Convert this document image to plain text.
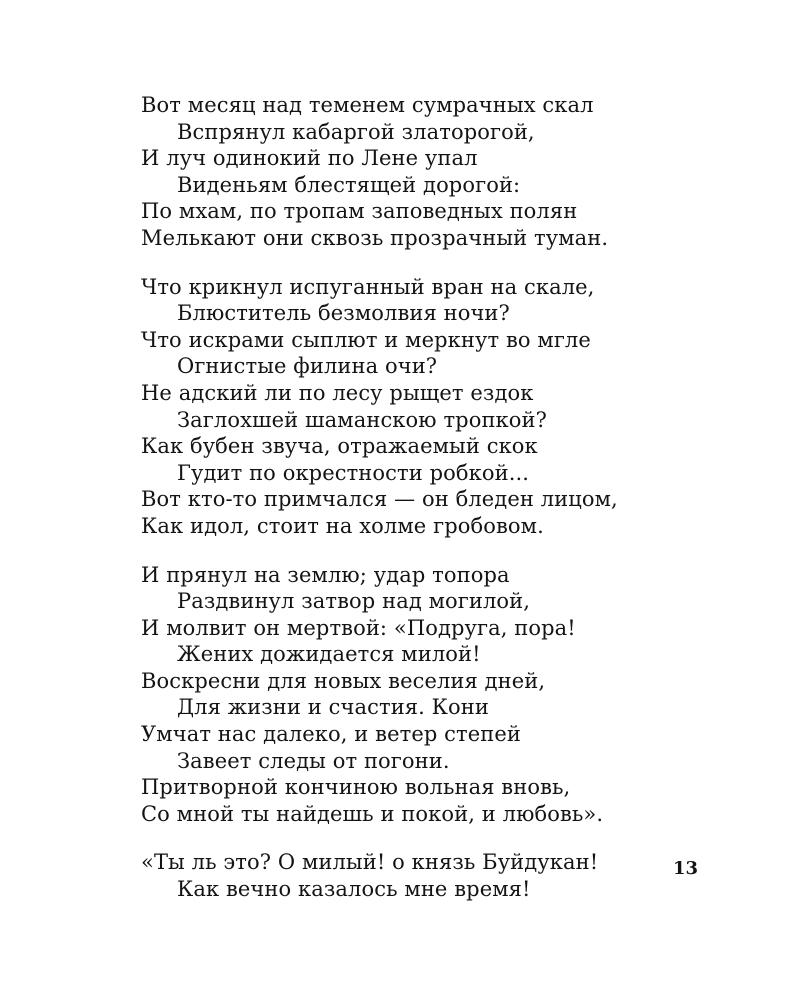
Вот месяц над теменем сумрачных скал
Вспрянул кабаргой златорогой,
И луч одинокий по Лене упал
Виденьям блестящей дорогой:
По мхам, по тропам заповедных полян
Мелькают они сквозь прозрачный туман.
Что крикнул испуганный вран на скале,
Блюститель безмолвия ночи?
Что искрами сыплют и меркнут во мгле
Огнистые филина очи?
Не адский ли по лесу рыщет ездок
Заглохшей шаманскою тропкой?
Как бубен звуча, отражаемый скок
Гудит по окрестности робкой...
Вот кто-то примчался — он бледен лицом,
Как идол, стоит на холме гробовом.
И прянул на землю; удар топора
Раздвинул затвор над могилой,
И молвит он мертвой: «Подруга, пора!
Жених дожидается милой!
Воскресни для новых веселия дней,
Для жизни и счастия. Кони
Умчат нас далеко, и ветер степей
Завеет следы от погони.
Притворной кончиною вольная вновь,
Со мной ты найдешь и покой, и любовь».
«Ты ль это? О милый! о князь Буйдукан!
Как вечно казалось мне время!
13
